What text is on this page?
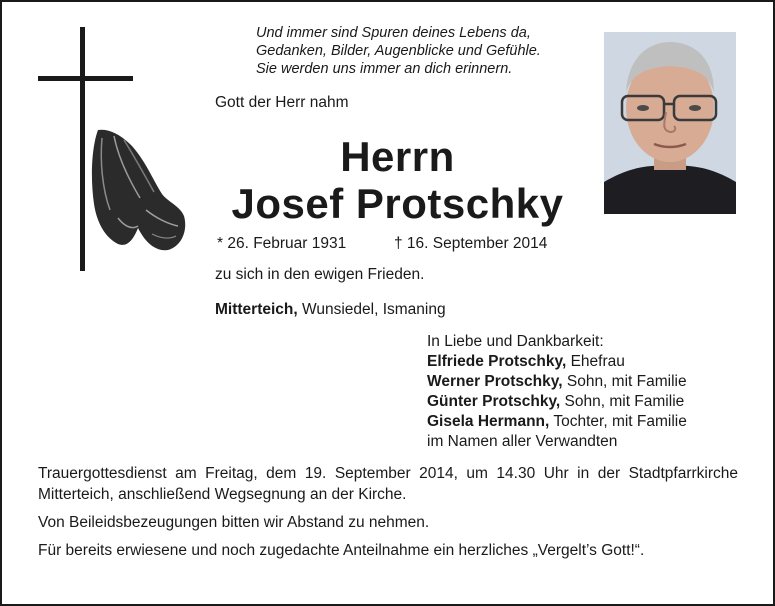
Und immer sind Spuren deines Lebens da,
Gedanken, Bilder, Augenblicke und Gefühle.
Sie werden uns immer an dich erinnern.
Gott der Herr nahm
Herrn
Josef Protschky
* 26. Februar 1931	† 16. September 2014
zu sich in den ewigen Frieden.
Mitterteich, Wunsiedel, Ismaning
In Liebe und Dankbarkeit:
Elfriede Protschky, Ehefrau
Werner Protschky, Sohn, mit Familie
Günter Protschky, Sohn, mit Familie
Gisela Hermann, Tochter, mit Familie
im Namen aller Verwandten
Trauergottesdienst am Freitag, dem 19. September 2014, um 14.30 Uhr in der Stadtpfarrkirche Mitterteich, anschließend Wegsegnung an der Kirche.
Von Beileidsbezeugungen bitten wir Abstand zu nehmen.
Für bereits erwiesene und noch zugedachte Anteilnahme ein herzliches „Vergelt’s Gott!“.
